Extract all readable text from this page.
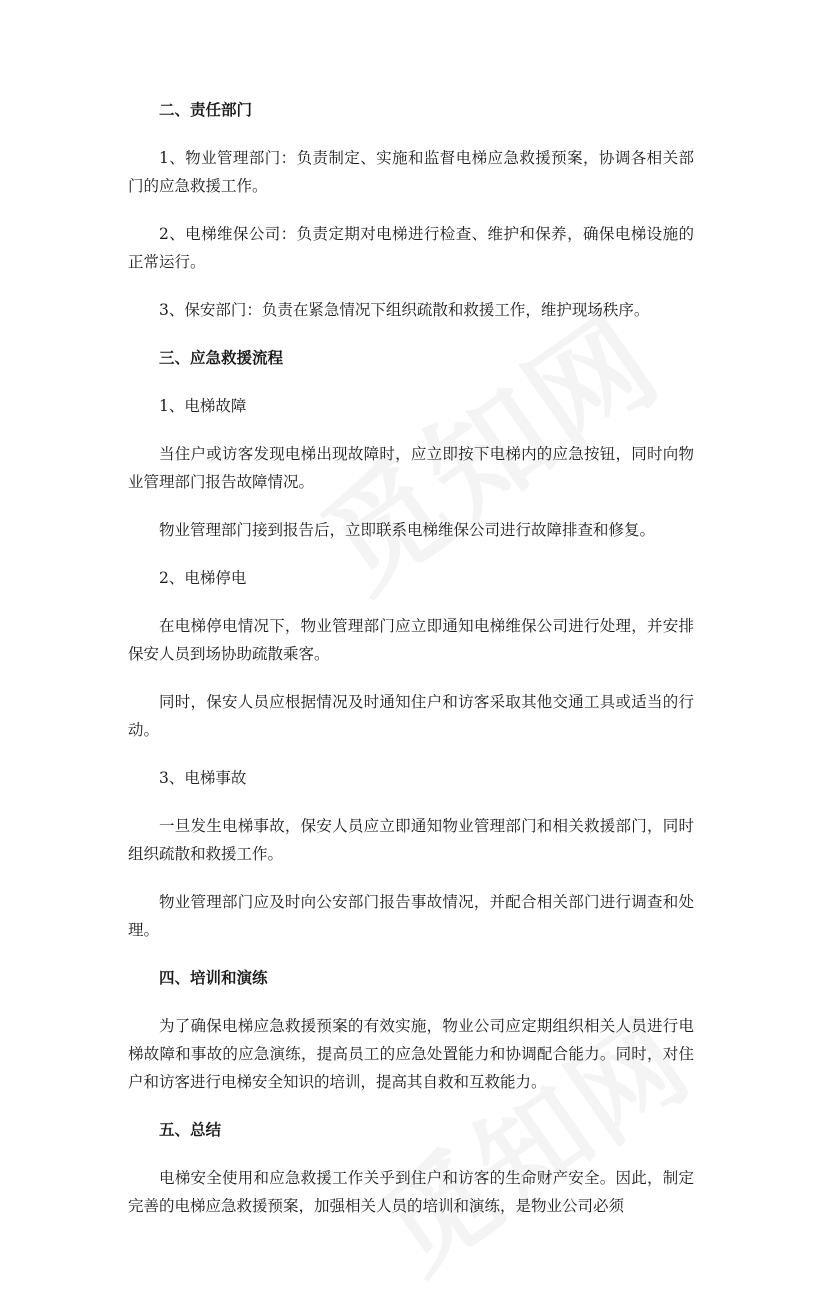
二、责任部门
1、物业管理部门：负责制定、实施和监督电梯应急救援预案，协调各相关部门的应急救援工作。
2、电梯维保公司：负责定期对电梯进行检查、维护和保养，确保电梯设施的正常运行。
3、保安部门：负责在紧急情况下组织疏散和救援工作，维护现场秩序。
三、应急救援流程
1、电梯故障
当住户或访客发现电梯出现故障时，应立即按下电梯内的应急按钮，同时向物业管理部门报告故障情况。
物业管理部门接到报告后，立即联系电梯维保公司进行故障排查和修复。
2、电梯停电
在电梯停电情况下，物业管理部门应立即通知电梯维保公司进行处理，并安排保安人员到场协助疏散乘客。
同时，保安人员应根据情况及时通知住户和访客采取其他交通工具或适当的行动。
3、电梯事故
一旦发生电梯事故，保安人员应立即通知物业管理部门和相关救援部门，同时组织疏散和救援工作。
物业管理部门应及时向公安部门报告事故情况，并配合相关部门进行调查和处理。
四、培训和演练
为了确保电梯应急救援预案的有效实施，物业公司应定期组织相关人员进行电梯故障和事故的应急演练，提高员工的应急处置能力和协调配合能力。同时，对住户和访客进行电梯安全知识的培训，提高其自救和互救能力。
五、总结
电梯安全使用和应急救援工作关乎到住户和访客的生命财产安全。因此，制定完善的电梯应急救援预案，加强相关人员的培训和演练，是物业公司必须
